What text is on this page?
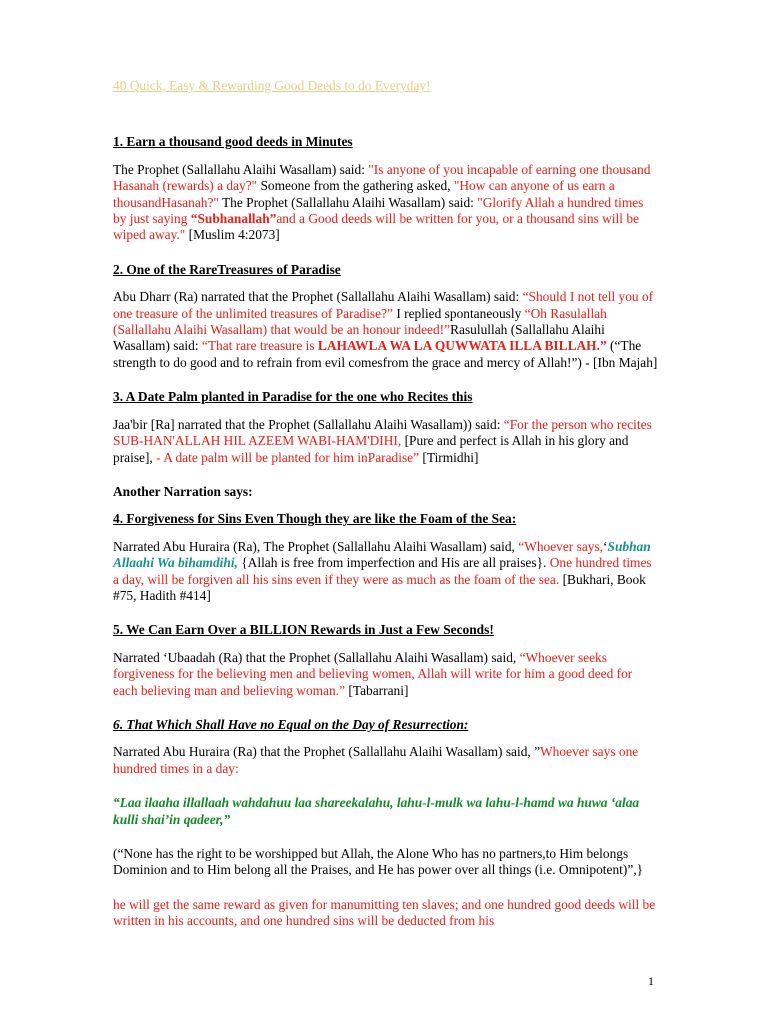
40 Quick, Easy & Rewarding Good Deeds to do Everyday!
1. Earn a thousand good deeds in Minutes

The Prophet (Sallallahu Alaihi Wasallam) said: "Is anyone of you incapable of earning one thousand Hasanah (rewards) a day?" Someone from the gathering asked, "How can anyone of us earn a thousandHasanah?" The Prophet (Sallallahu Alaihi Wasallam) said: "Glorify Allah a hundred times by just saying “Subhanallah”and a Good deeds will be written for you, or a thousand sins will be wiped away." [Muslim 4:2073]

2. One of the RareTreasures of Paradise

Abu Dharr (Ra) narrated that the Prophet (Sallallahu Alaihi Wasallam) said: “Should I not tell you of one treasure of the unlimited treasures of Paradise?” I replied spontaneously “Oh Rasulallah (Sallallahu Alaihi Wasallam) that would be an honour indeed!”Rasulullah (Sallallahu Alaihi Wasallam) said: “That rare treasure is LAHAWLA WA LA QUWWATA ILLA BILLAH.” (“The strength to do good and to refrain from evil comesfrom the grace and mercy of Allah!”) - [Ibn Majah]

3. A Date Palm planted in Paradise for the one who Recites this

Jaa'bir [Ra] narrated that the Prophet (Sallallahu Alaihi Wasallam)) said: “For the person who recites SUB-HAN'ALLAH HIL AZEEM WABI-HAM'DIHI, [Pure and perfect is Allah in his glory and praise], - A date palm will be planted for him inParadise” [Tirmidhi]

Another Narration says:
4. Forgiveness for Sins Even Though they are like the Foam of the Sea:

Narrated Abu Huraira (Ra), The Prophet (Sallallahu Alaihi Wasallam) said, “Whoever says,‘Subhan Allaahi Wa bihamdihi, {Allah is free from imperfection and His are all praises}. One hundred times a day, will be forgiven all his sins even if they were as much as the foam of the sea. [Bukhari, Book #75, Hadith #414]

5. We Can Earn Over a BILLION Rewards in Just a Few Seconds!

Narrated ‘Ubaadah (Ra) that the Prophet (Sallallahu Alaihi Wasallam) said, “Whoever seeks forgiveness for the believing men and believing women, Allah will write for him a good deed for each believing man and believing woman.” [Tabarrani]

6. That Which Shall Have no Equal on the Day of Resurrection:

Narrated Abu Huraira (Ra) that the Prophet (Sallallahu Alaihi Wasallam) said, ”Whoever says one hundred times in a day:

“Laa ilaaha illallaah wahdahuu laa shareekalahu, lahu-l-mulk wa lahu-l-hamd wa huwa ‘alaa kulli shai’in qadeer,”

(“None has the right to be worshipped but Allah, the Alone Who has no partners,to Him belongs Dominion and to Him belong all the Praises, and He has power over all things (i.e. Omnipotent)”,}

he will get the same reward as given for manumitting ten slaves; and one hundred good deeds will be written in his accounts, and one hundred sins will be deducted from his

1
